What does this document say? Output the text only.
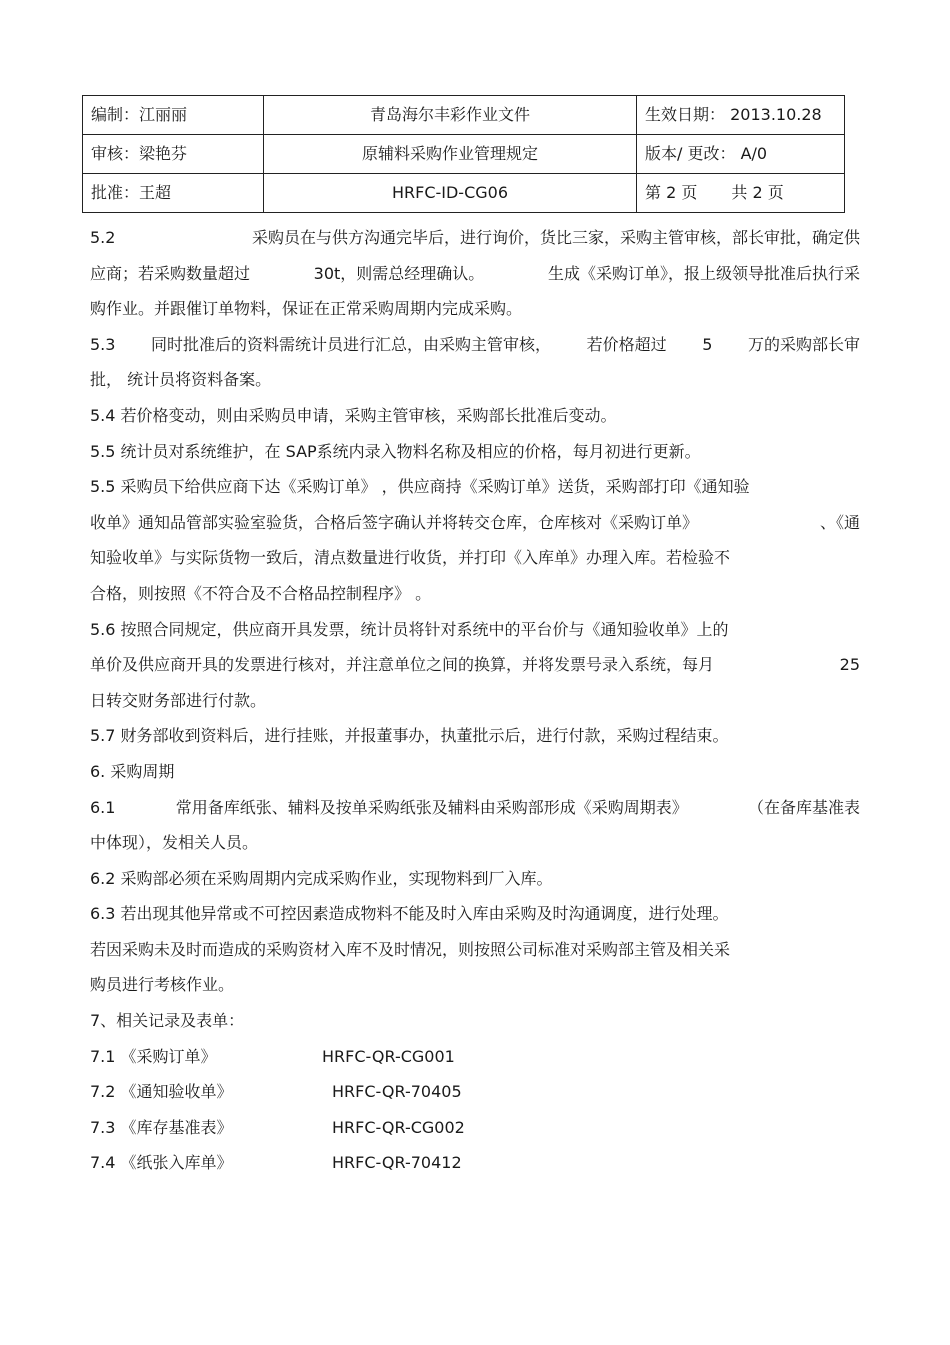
编制：江丽丽	青岛海尔丰彩作业文件	生效日期： 2013.10.28
审核：梁艳芬	原辅料采购作业管理规定	版本/ 更改： A/0
批准：王超	HRFC-ID-CG06	第 2 页 共 2 页
5.2	采购员在与供方沟通完毕后，进行询价，货比三家，采购主管审核，部长审批，确定供
应商；若采购数量超过	30t，则需总经理确认。	生成《采购订单》，报上级领导批准后执行采
购作业。并跟催订单物料，保证在正常采购周期内完成采购。
5.3 同时批准后的资料需统计员进行汇总，由采购主管审核， 若价格超过 5 万的采购部长审
批， 统计员将资料备案。
5.4 若价格变动，则由采购员申请，采购主管审核，采购部长批准后变动。
5.5 统计员对系统维护，在 SAP系统内录入物料名称及相应的价格，每月初进行更新。
5.5 采购员下给供应商下达《采购订单》 ，供应商持《采购订单》送货，采购部打印《通知验
收单》通知品管部实验室验货，合格后签字确认并将转交仓库，仓库核对《采购订单》	、《通
知验收单》与实际货物一致后，清点数量进行收货，并打印《入库单》办理入库。若检验不
合格，则按照《不符合及不合格品控制程序》 。
5.6 按照合同规定，供应商开具发票，统计员将针对系统中的平台价与《通知验收单》上的
单价及供应商开具的发票进行核对，并注意单位之间的换算，并将发票号录入系统，每月	25
日转交财务部进行付款。
5.7 财务部收到资料后，进行挂账，并报董事办，执董批示后，进行付款，采购过程结束。
6. 采购周期
6.1	常用备库纸张、辅料及按单采购纸张及辅料由采购部形成《采购周期表》	（在备库基准表
中体现），发相关人员。
6.2 采购部必须在采购周期内完成采购作业，实现物料到厂入库。
6.3 若出现其他异常或不可控因素造成物料不能及时入库由采购及时沟通调度，进行处理。
若因采购未及时而造成的采购资材入库不及时情况，则按照公司标准对采购部主管及相关采
购员进行考核作业。
7、相关记录及表单：
7.1 《采购订单》	HRFC-QR-CG001
7.2 《通知验收单》	HRFC-QR-70405
7.3 《库存基准表》	HRFC-QR-CG002
7.4 《纸张入库单》	HRFC-QR-70412
